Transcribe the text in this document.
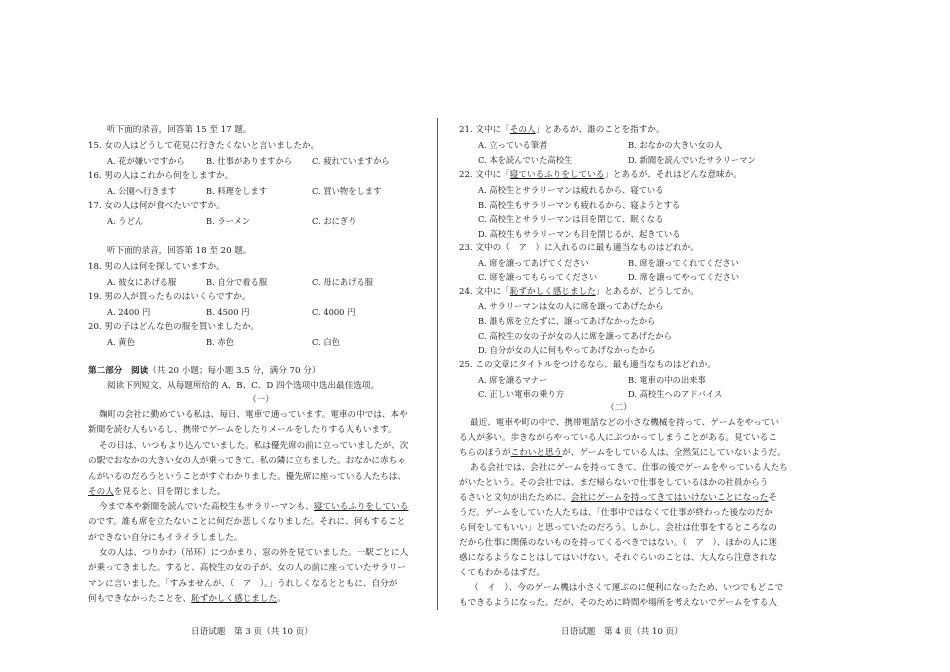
听下面的录音，回答第 15 至 17 题。
15. 女の人はどうして花見に行きたくないと言いましたか。
A. 花が嫌いですから	B. 仕事がありますから C. 疲れていますから
16. 男の人はこれから何をしますか。
A. 公園へ行きます	B. 料理をします	C. 買い物をします
17. 女の人は何が食べたいですか。
A. うどん	B. ラーメン	C. おにぎり
听下面的录音，回答第 18 至 20 题。
18. 男の人は何を探していますか。
A. 彼女にあげる服	B. 自分で着る服	C. 母にあげる服
19. 男の人が買ったものはいくらですか。
A. 2400 円	B. 4500 円	C. 4000 円
20. 男の子はどんな色の服を買いましたか。
A. 黄色	B. 赤色	C. 白色
第二部分　阅读（共 20 小题；每小题 3.5 分，满分 70 分）
阅读下列短文，从每题所给的 A、B、C、D 四个选项中选出最佳选项。
（一）
麹町の会社に勤めている私は、毎日、電車で通っています。電車の中では、本や
新聞を読む人もいるし、携帯でゲームをしたりメールをしたりする人もいます。
その日は、いつもより込んでいました。私は優先席の前に立っていましたが、次
の駅でおなかの大きい女の人が乗ってきて、私の隣に立ちました。おなかに赤ちゃ
んがいるのだろうということがすぐわかりました。優先席に座っている人たちは、
その人を見ると、目を閉じました。
今まで本や新聞を読んでいた高校生もサラリーマンも、寝ているふりをしている
のです。誰も席を立たないことに何だか悲しくなりました。それに、何もすること
ができない自分にもイライラしました。
女の人は、つりかわ（吊环）につかまり、窓の外を見ていました。一駅ごとに人
が乗ってきました。すると、高校生の女の子が、女の人の前に座っていたサラリー
マンに言いました。「すみませんが、（　ア　）。」うれしくなるとともに、自分が
何もできなかったことを、恥ずかしく感じました。
日语试题　第 3 页（共 10 页）
21. 文中に「その人」とあるが、誰のことを指すか。
A. 立っている筆者	B. おなかの大きい女の人
C. 本を読んでいた高校生	D. 新聞を読んでいたサラリーマン
22. 文中に「寝ているふりをしている」とあるが、それはどんな意味か。
A. 高校生とサラリーマンは疲れるから、寝ている
B. 高校生もサラリーマンも疲れるから、寝ようとする
C. 高校生とサラリーマンは目を閉じて、眠くなる
D. 高校生もサラリーマンも目を閉じるが、起きている
23. 文中の（　ア　）に入れるのに最も適当なものはどれか。
A. 席を譲ってあげてください	B. 席を譲ってくれてください
C. 席を譲ってもらってください	D. 席を譲ってやってください
24. 文中に「恥ずかしく感じました」とあるが、どうしてか。
A. サラリーマンは女の人に席を譲ってあげたから
B. 誰も席を立たずに、譲ってあげなかったから
C. 高校生の女の子が女の人に席を譲ってあげたから
D. 自分が女の人に何もやってあげなかったから
25. この文章にタイトルをつけるなら、最も適当なものはどれか。
A. 席を譲るマナー	B. 電車の中の出来事
C. 正しい電車の乗り方	D. 高校生へのアドバイス
（二）
最近、電車や町の中で、携帯電話などの小さな機械を持って、ゲームをやってい
る人が多い。歩きながらやっている人にぶつかってしまうことがある。見ているこ
ちらのほうがこわいと思うが、ゲームをしている人は、全然気にしていないようだ。
ある会社では、会社にゲームを持ってきて、仕事の後でゲームをやっている人たち
がいたという。その会社では、まだ帰らないで仕事をしているほかの社員からう
るさいと文句が出たために、会社にゲームを持ってきてはいけないことになったそ
うだ。ゲームをしていた人たちは、「仕事中ではなくて仕事が終わった後なのだか
ら何をしてもいい」と思っていたのだろう。しかし、会社は仕事をするところなの
だから仕事に関係のないものを持ってくるべきではない。（　ア　）、ほかの人に迷
惑になるようなことはしてはいけない。それぐらいのことは、大人なら注意されな
くてもわかるはずだ。
（　イ　）、今のゲーム機は小さくて運ぶのに便利になったため、いつでもどこで
もできるようになった。だが、そのために時間や場所を考えないでゲームをする人
日语试题　第 4 页（共 10 页）
